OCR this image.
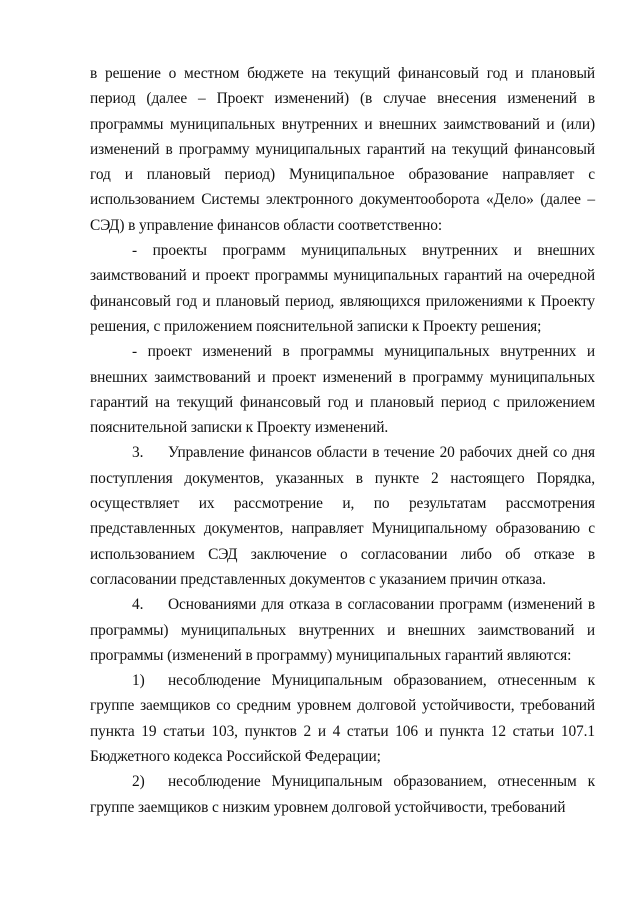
в решение о местном бюджете на текущий финансовый год и плановый период (далее – Проект изменений) (в случае внесения изменений в программы муниципальных внутренних и внешних заимствований и (или) изменений в программу муниципальных гарантий на текущий финансовый год и плановый период) Муниципальное образование направляет с использованием Системы электронного документооборота «Дело» (далее – СЭД) в управление финансов области соответственно:

- проекты программ муниципальных внутренних и внешних заимствований и проект программы муниципальных гарантий на очередной финансовый год и плановый период, являющихся приложениями к Проекту решения, с приложением пояснительной записки к Проекту решения;

- проект изменений в программы муниципальных внутренних и внешних заимствований и проект изменений в программу муниципальных гарантий на текущий финансовый год и плановый период с приложением пояснительной записки к Проекту изменений.

3. Управление финансов области в течение 20 рабочих дней со дня поступления документов, указанных в пункте 2 настоящего Порядка, осуществляет их рассмотрение и, по результатам рассмотрения представленных документов, направляет Муниципальному образованию с использованием СЭД заключение о согласовании либо об отказе в согласовании представленных документов с указанием причин отказа.

4. Основаниями для отказа в согласовании программ (изменений в программы) муниципальных внутренних и внешних заимствований и программы (изменений в программу) муниципальных гарантий являются:

1) несоблюдение Муниципальным образованием, отнесенным к группе заемщиков со средним уровнем долговой устойчивости, требований пункта 19 статьи 103, пунктов 2 и 4 статьи 106 и пункта 12 статьи 107.1 Бюджетного кодекса Российской Федерации;

2) несоблюдение Муниципальным образованием, отнесенным к группе заемщиков с низким уровнем долговой устойчивости, требований
